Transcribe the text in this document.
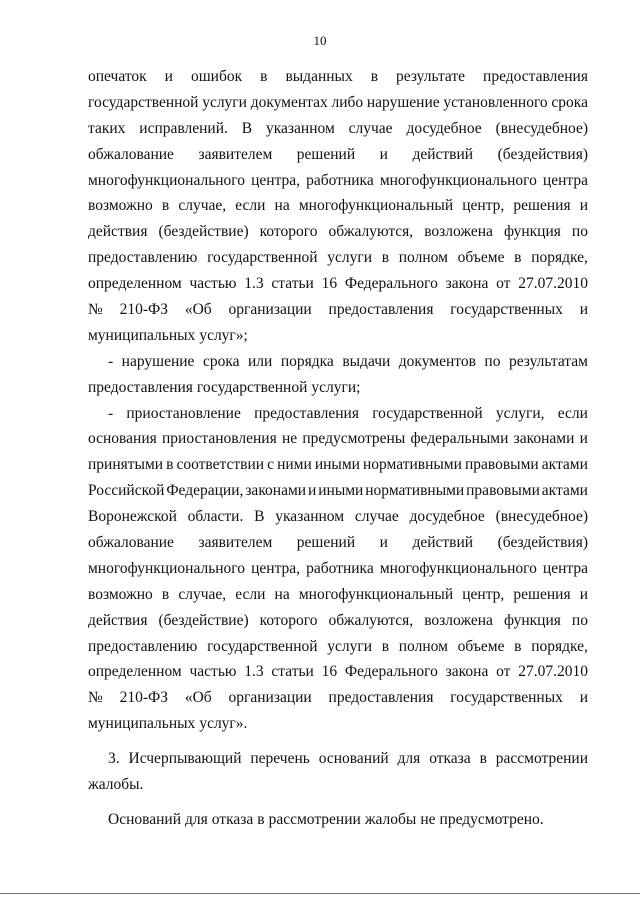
10
опечаток и ошибок в выданных в результате предоставления
государственной услуги документах либо нарушение установленного срока
таких исправлений. В указанном случае досудебное (внесудебное)
обжалование заявителем решений и действий (бездействия)
многофункционального центра, работника многофункционального центра
возможно в случае, если на многофункциональный центр, решения и
действия (бездействие) которого обжалуются, возложена функция по
предоставлению государственной услуги в полном объеме в порядке,
определенном частью 1.3 статьи 16 Федерального закона от 27.07.2010
№ 210-ФЗ «Об организации предоставления государственных и
муниципальных услуг»;
- нарушение срока или порядка выдачи документов по результатам
предоставления государственной услуги;
- приостановление предоставления государственной услуги, если
основания приостановления не предусмотрены федеральными законами и
принятыми в соответствии с ними иными нормативными правовыми актами
Российской Федерации, законами и иными нормативными правовыми актами
Воронежской области. В указанном случае досудебное (внесудебное)
обжалование заявителем решений и действий (бездействия)
многофункционального центра, работника многофункционального центра
возможно в случае, если на многофункциональный центр, решения и
действия (бездействие) которого обжалуются, возложена функция по
предоставлению государственной услуги в полном объеме в порядке,
определенном частью 1.3 статьи 16 Федерального закона от 27.07.2010
№ 210-ФЗ «Об организации предоставления государственных и
муниципальных услуг».
3. Исчерпывающий перечень оснований для отказа в рассмотрении
жалобы.
Оснований для отказа в рассмотрении жалобы не предусмотрено.
